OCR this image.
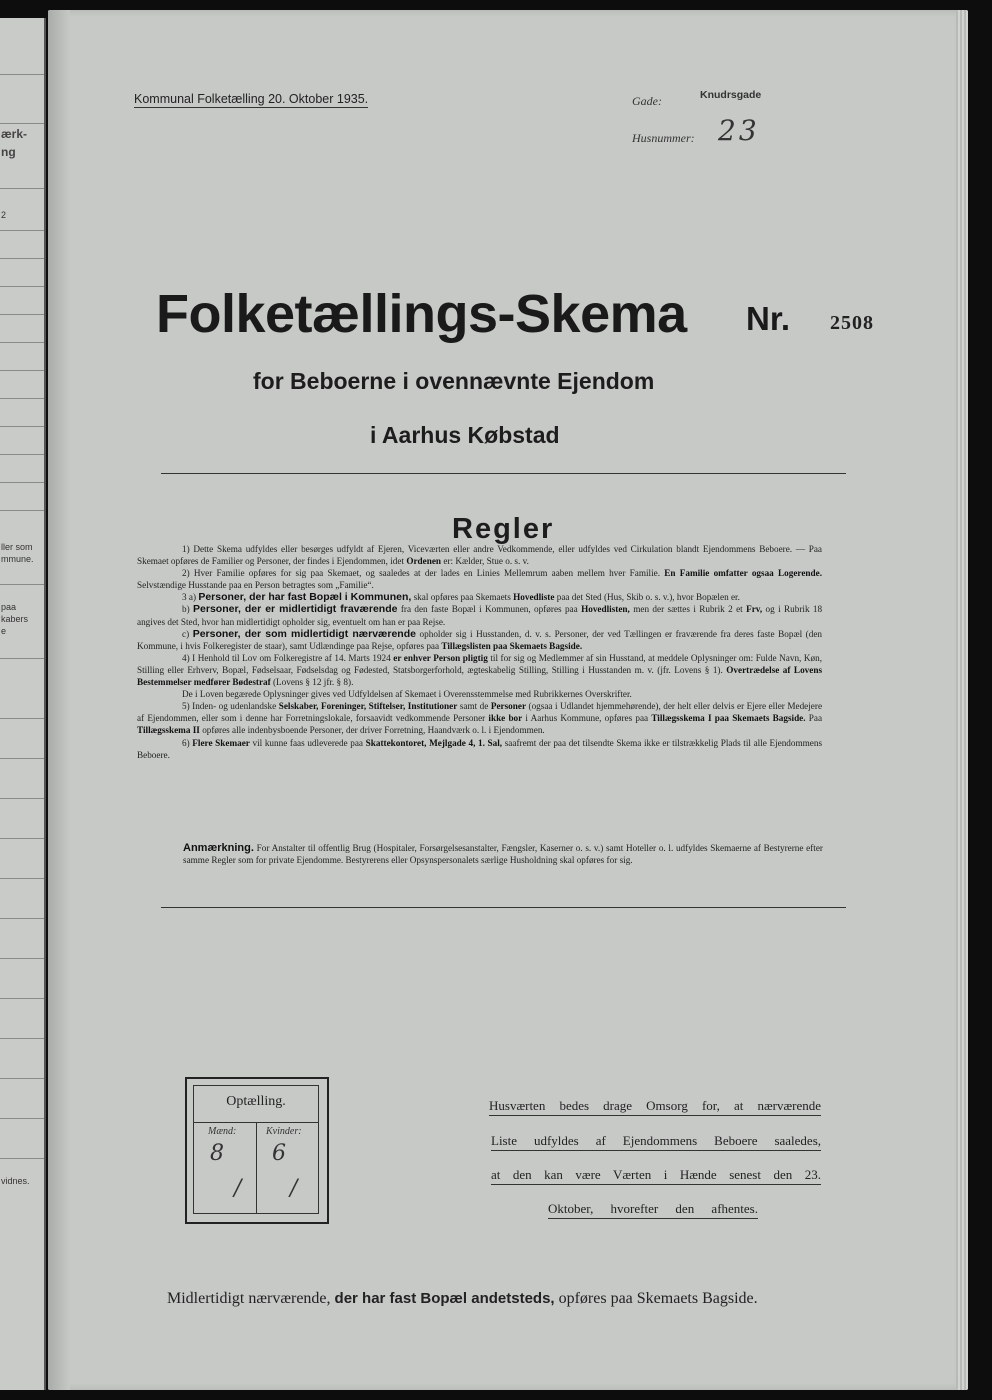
ærk-
ng
2
ller som
mmune.
paa
kabers
e
vidnes.
Kommunal Folketælling 20. Oktober 1935.	Gade:	Knudrsgade
Husnummer: 23
Folketællings-Skema Nr. 2508
for Beboerne i ovennævnte Ejendom
i Aarhus Købstad
Regler

1) Dette Skema udfyldes eller besørges udfyldt af Ejeren, Viceværten eller andre Vedkommende, eller udfyldes ved Cirkulation blandt Ejendommens Beboere. — Paa Skemaet opføres de Familier og Personer, der findes i Ejendommen, idet Ordenen er: Kælder, Stue o. s. v.

2) Hver Familie opføres for sig paa Skemaet, og saaledes at der lades en Linies Mellemrum aaben mellem hver Familie. En Familie omfatter ogsaa Logerende. Selvstændige Husstande paa en Person betragtes som „Familie“.

3 a) Personer, der har fast Bopæl i Kommunen, skal opføres paa Skemaets Hovedliste paa det Sted (Hus, Skib o. s. v.), hvor Bopælen er.

b) Personer, der er midlertidigt fraværende fra den faste Bopæl i Kommunen, opføres paa Hovedlisten, men der sættes i Rubrik 2 et Frv, og i Rubrik 18 angives det Sted, hvor han midlertidigt opholder sig, eventuelt om han er paa Rejse.

c) Personer, der som midlertidigt nærværende opholder sig i Husstanden, d. v. s. Personer, der ved Tællingen er fraværende fra deres faste Bopæl (den Kommune, i hvis Folkeregister de staar), samt Udlændinge paa Rejse, opføres paa Tillægslisten paa Skemaets Bagside.

4) I Henhold til Lov om Folkeregistre af 14. Marts 1924 er enhver Person pligtig til for sig og Medlemmer af sin Husstand, at meddele Oplysninger om: Fulde Navn, Køn, Stilling eller Erhverv, Bopæl, Fødselsaar, Fødselsdag og Fødested, Statsborgerforhold, ægteskabelig Stilling, Stilling i Husstanden m. v. (jfr. Lovens § 1). Overtrædelse af Lovens Bestemmelser medfører Bødestraf (Lovens § 12 jfr. § 8).

De i Loven begærede Oplysninger gives ved Udfyldelsen af Skemaet i Overensstemmelse med Rubrikkernes Overskrifter.

5) Inden- og udenlandske Selskaber, Foreninger, Stiftelser, Institutioner samt de Personer (ogsaa i Udlandet hjemmehørende), der helt eller delvis er Ejere eller Medejere af Ejendommen, eller som i denne har Forretningslokale, forsaavidt vedkommende Personer ikke bor i Aarhus Kommune, opføres paa Tillægsskema I paa Skemaets Bagside. Paa Tillægsskema II opføres alle indenbysboende Personer, der driver Forretning, Haandværk o. l. i Ejendommen.

6) Flere Skemaer vil kunne faas udleverede paa Skattekontoret, Mejlgade 4, 1. Sal, saafremt der paa det tilsendte Skema ikke er tilstrækkelig Plads til alle Ejendommens Beboere.

Anmærkning. For Anstalter til offentlig Brug (Hospitaler, Forsørgelsesanstalter, Fængsler, Kaserner o. s. v.) samt Hoteller o. l. udfyldes Skemaerne af Bestyrerne efter samme Regler som for private Ejendomme. Bestyrerens eller Opsynspersonalets særlige Husholdning skal opføres for sig.
Optælling.
Mænd:	Kvinder:
8 6
/ /
Husværten bedes drage Omsorg for, at nærværende
Liste udfyldes af Ejendommens Beboere saaledes,
at den kan være Værten i Hænde senest den 23.
Oktober, hvorefter den afhentes.
Midlertidigt nærværende, der har fast Bopæl andetsteds, opføres paa Skemaets Bagside.
